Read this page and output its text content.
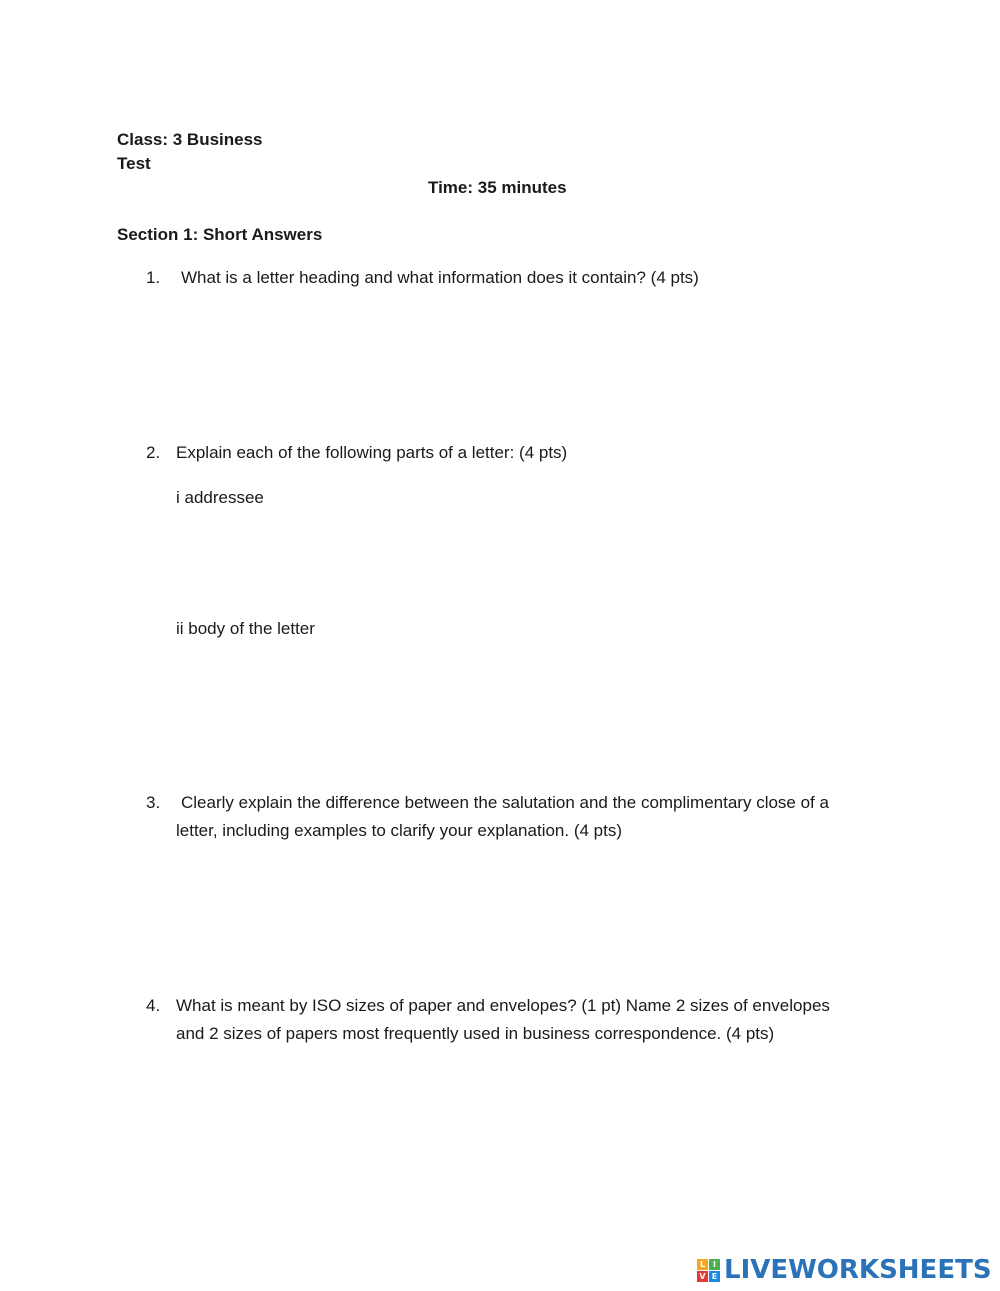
Class: 3 Business
Test
Time: 35 minutes
Section 1: Short Answers
1. What is a letter heading and what information does it contain? (4 pts)
2. Explain each of the following parts of a letter: (4 pts)
i addressee
ii body of the letter
3. Clearly explain the difference between the salutation and the complimentary close of a
letter, including examples to clarify your explanation. (4 pts)
4. What is meant by ISO sizes of paper and envelopes? (1 pt) Name 2 sizes of envelopes
and 2 sizes of papers most frequently used in business correspondence. (4 pts)
L I
V E LIVEWORKSHEETS
